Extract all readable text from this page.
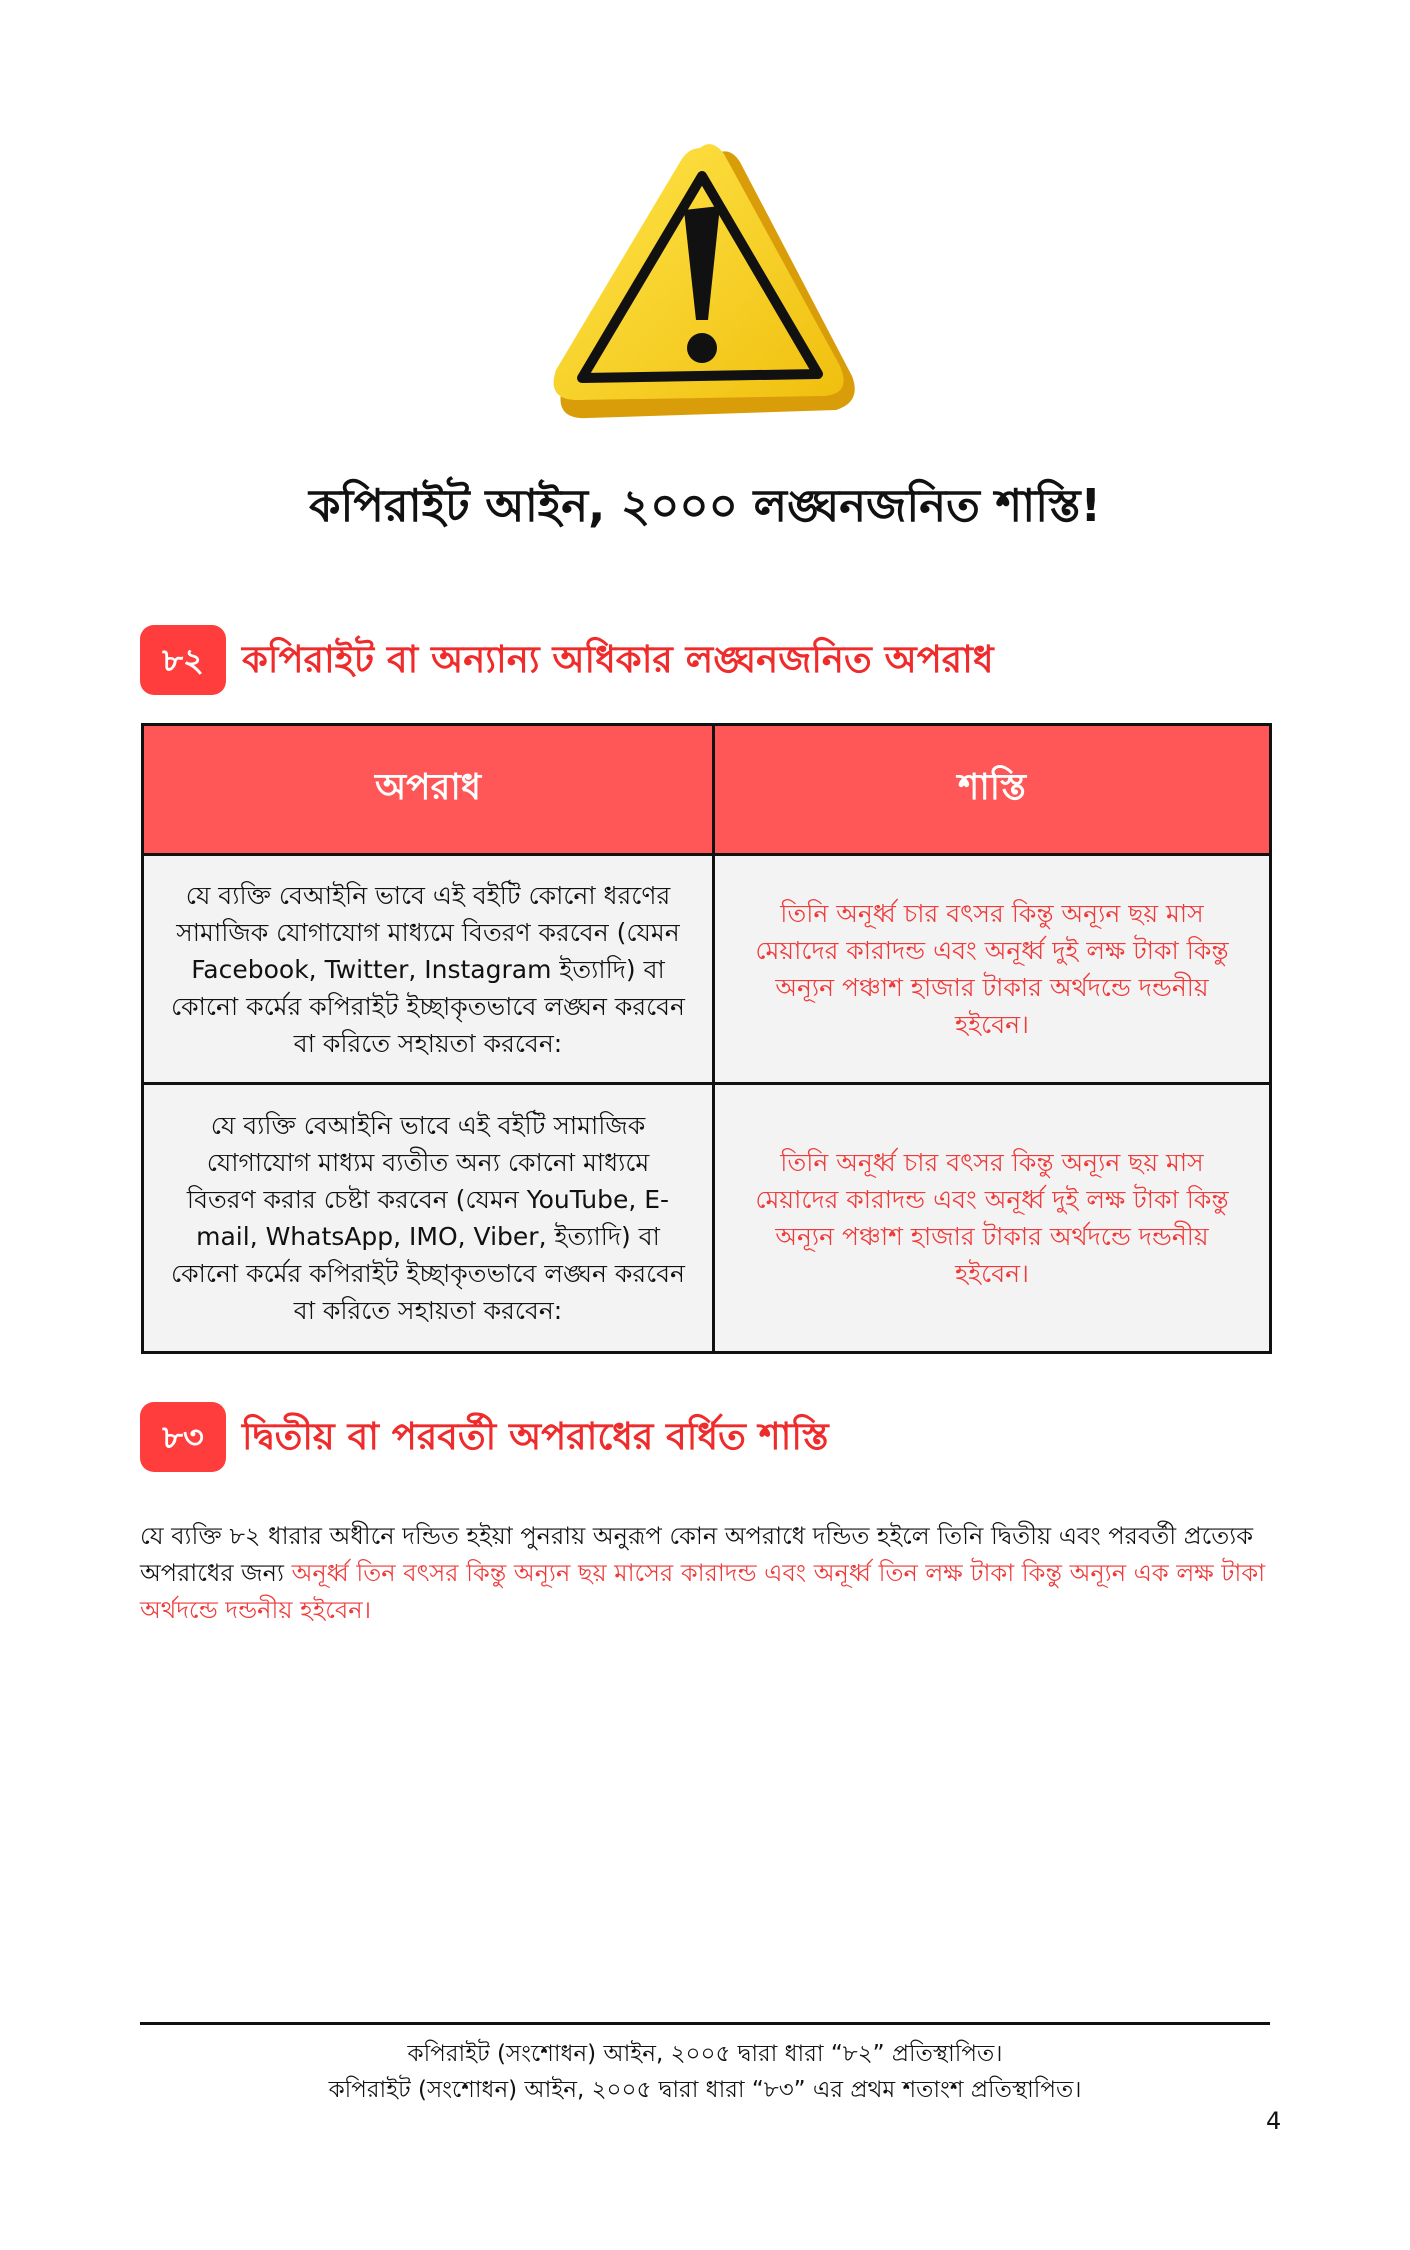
কপিরাইট আইন, ২০০০ লঙ্ঘনজনিত শাস্তি!
৮২	কপিরাইট বা অন্যান্য অধিকার লঙ্ঘনজনিত অপরাধ
অপরাধ	শাস্তি
যে ব্যক্তি বেআইনি ভাবে এই বইটি কোনো ধরণের সামাজিক যোগাযোগ মাধ্যমে বিতরণ করবেন (যেমন Facebook, Twitter, Instagram ইত্যাদি) বা কোনো কর্মের কপিরাইট ইচ্ছাকৃতভাবে লঙ্ঘন করবেন বা করিতে সহায়তা করবেন:	তিনি অনূর্ধ্ব চার বৎসর কিন্তু অন্যূন ছয় মাস মেয়াদের কারাদন্ড এবং অনূর্ধ্ব দুই লক্ষ টাকা কিন্তু অন্যূন পঞ্চাশ হাজার টাকার অর্থদন্ডে দন্ডনীয় হইবেন।
যে ব্যক্তি বেআইনি ভাবে এই বইটি সামাজিক যোগাযোগ মাধ্যম ব্যতীত অন্য কোনো মাধ্যমে বিতরণ করার চেষ্টা করবেন (যেমন YouTube, E-mail, WhatsApp, IMO, Viber, ইত্যাদি) বা কোনো কর্মের কপিরাইট ইচ্ছাকৃতভাবে লঙ্ঘন করবেন বা করিতে সহায়তা করবেন:	তিনি অনূর্ধ্ব চার বৎসর কিন্তু অন্যূন ছয় মাস মেয়াদের কারাদন্ড এবং অনূর্ধ্ব দুই লক্ষ টাকা কিন্তু অন্যূন পঞ্চাশ হাজার টাকার অর্থদন্ডে দন্ডনীয় হইবেন।
৮৩	দ্বিতীয় বা পরবর্তী অপরাধের বর্ধিত শাস্তি

যে ব্যক্তি ৮২ ধারার অধীনে দন্ডিত হইয়া পুনরায় অনুরূপ কোন অপরাধে দন্ডিত হইলে তিনি দ্বিতীয় এবং পরবর্তী প্রত্যেক অপরাধের জন্য অনূর্ধ্ব তিন বৎসর কিন্তু অন্যূন ছয় মাসের কারাদন্ড এবং অনূর্ধ্ব তিন লক্ষ টাকা কিন্তু অন্যূন এক লক্ষ টাকা অর্থদন্ডে দন্ডনীয় হইবেন।

কপিরাইট (সংশোধন) আইন, ২০০৫ দ্বারা ধারা “৮২” প্রতিস্থাপিত।
কপিরাইট (সংশোধন) আইন, ২০০৫ দ্বারা ধারা “৮৩” এর প্রথম শতাংশ প্রতিস্থাপিত।
4
